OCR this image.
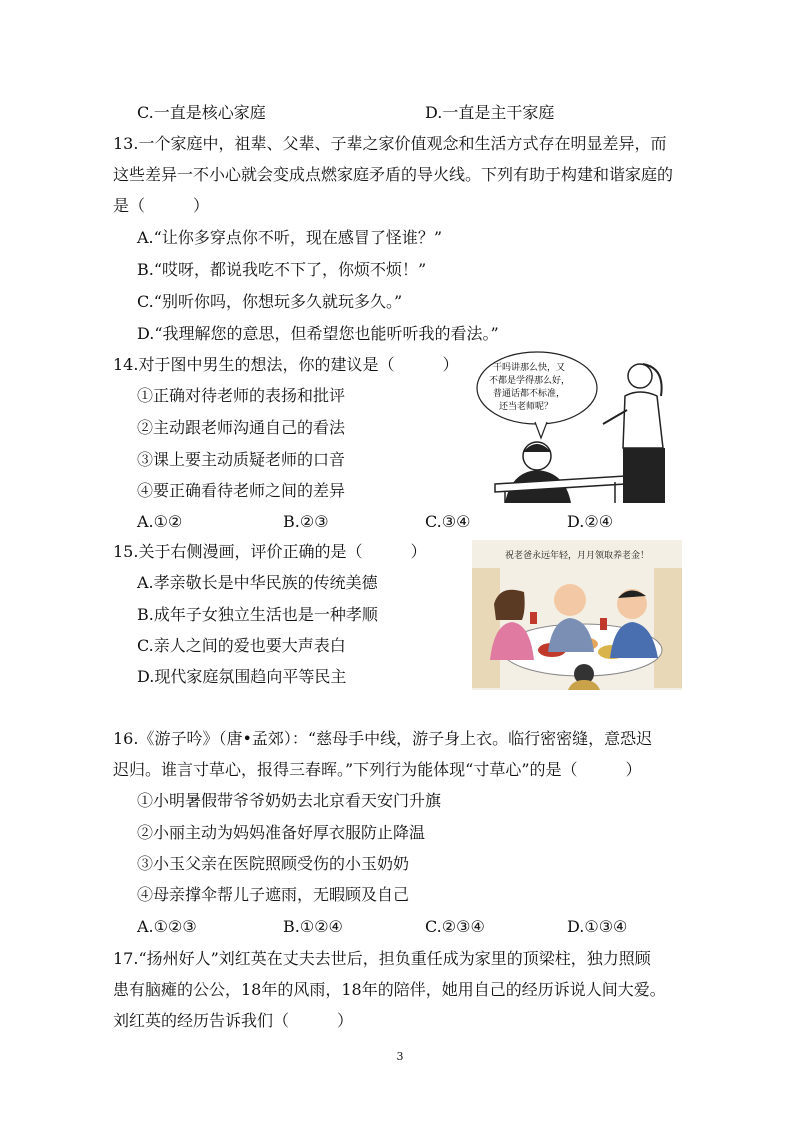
C.一直是核心家庭	D.一直是主干家庭
13.一个家庭中，祖辈、父辈、子辈之家价值观念和生活方式存在明显差异，而
这些差异一不小心就会变成点燃家庭矛盾的导火线。下列有助于构建和谐家庭的
是（　　　）
A.“让你多穿点你不听，现在感冒了怪谁？”
B.“哎呀，都说我吃不下了，你烦不烦！”
C.“别听你吗，你想玩多久就玩多久。”
D.“我理解您的意思，但希望您也能听听我的看法。”
14.对于图中男生的想法，你的建议是（　　　）
①正确对待老师的表扬和批评
②主动跟老师沟通自己的看法
③课上要主动质疑老师的口音
④要正确看待老师之间的差异
A.①②	B.②③	C.③④	D.②④
干吗讲那么快，又
不都是学得那么好，
普通话都不标准，
还当老师呢？
15.关于右侧漫画，评价正确的是（　　　）
A.孝亲敬长是中华民族的传统美德
B.成年子女独立生活也是一种孝顺
C.亲人之间的爱也要大声表白
D.现代家庭氛围趋向平等民主
祝老爸永远年轻，月月领取养老金！
16.《游子吟》（唐•孟郊）：“慈母手中线，游子身上衣。临行密密缝，意恐迟
迟归。谁言寸草心，报得三春晖。”下列行为能体现“寸草心”的是（　　　）
①小明暑假带爷爷奶奶去北京看天安门升旗
②小丽主动为妈妈准备好厚衣服防止降温
③小玉父亲在医院照顾受伤的小玉奶奶
④母亲撑伞帮儿子遮雨，无暇顾及自己
A.①②③	B.①②④	C.②③④	D.①③④
17.“扬州好人”刘红英在丈夫去世后，担负重任成为家里的顶梁柱，独力照顾
患有脑瘫的公公，18年的风雨，18年的陪伴，她用自己的经历诉说人间大爱。
刘红英的经历告诉我们（　　　）
3
